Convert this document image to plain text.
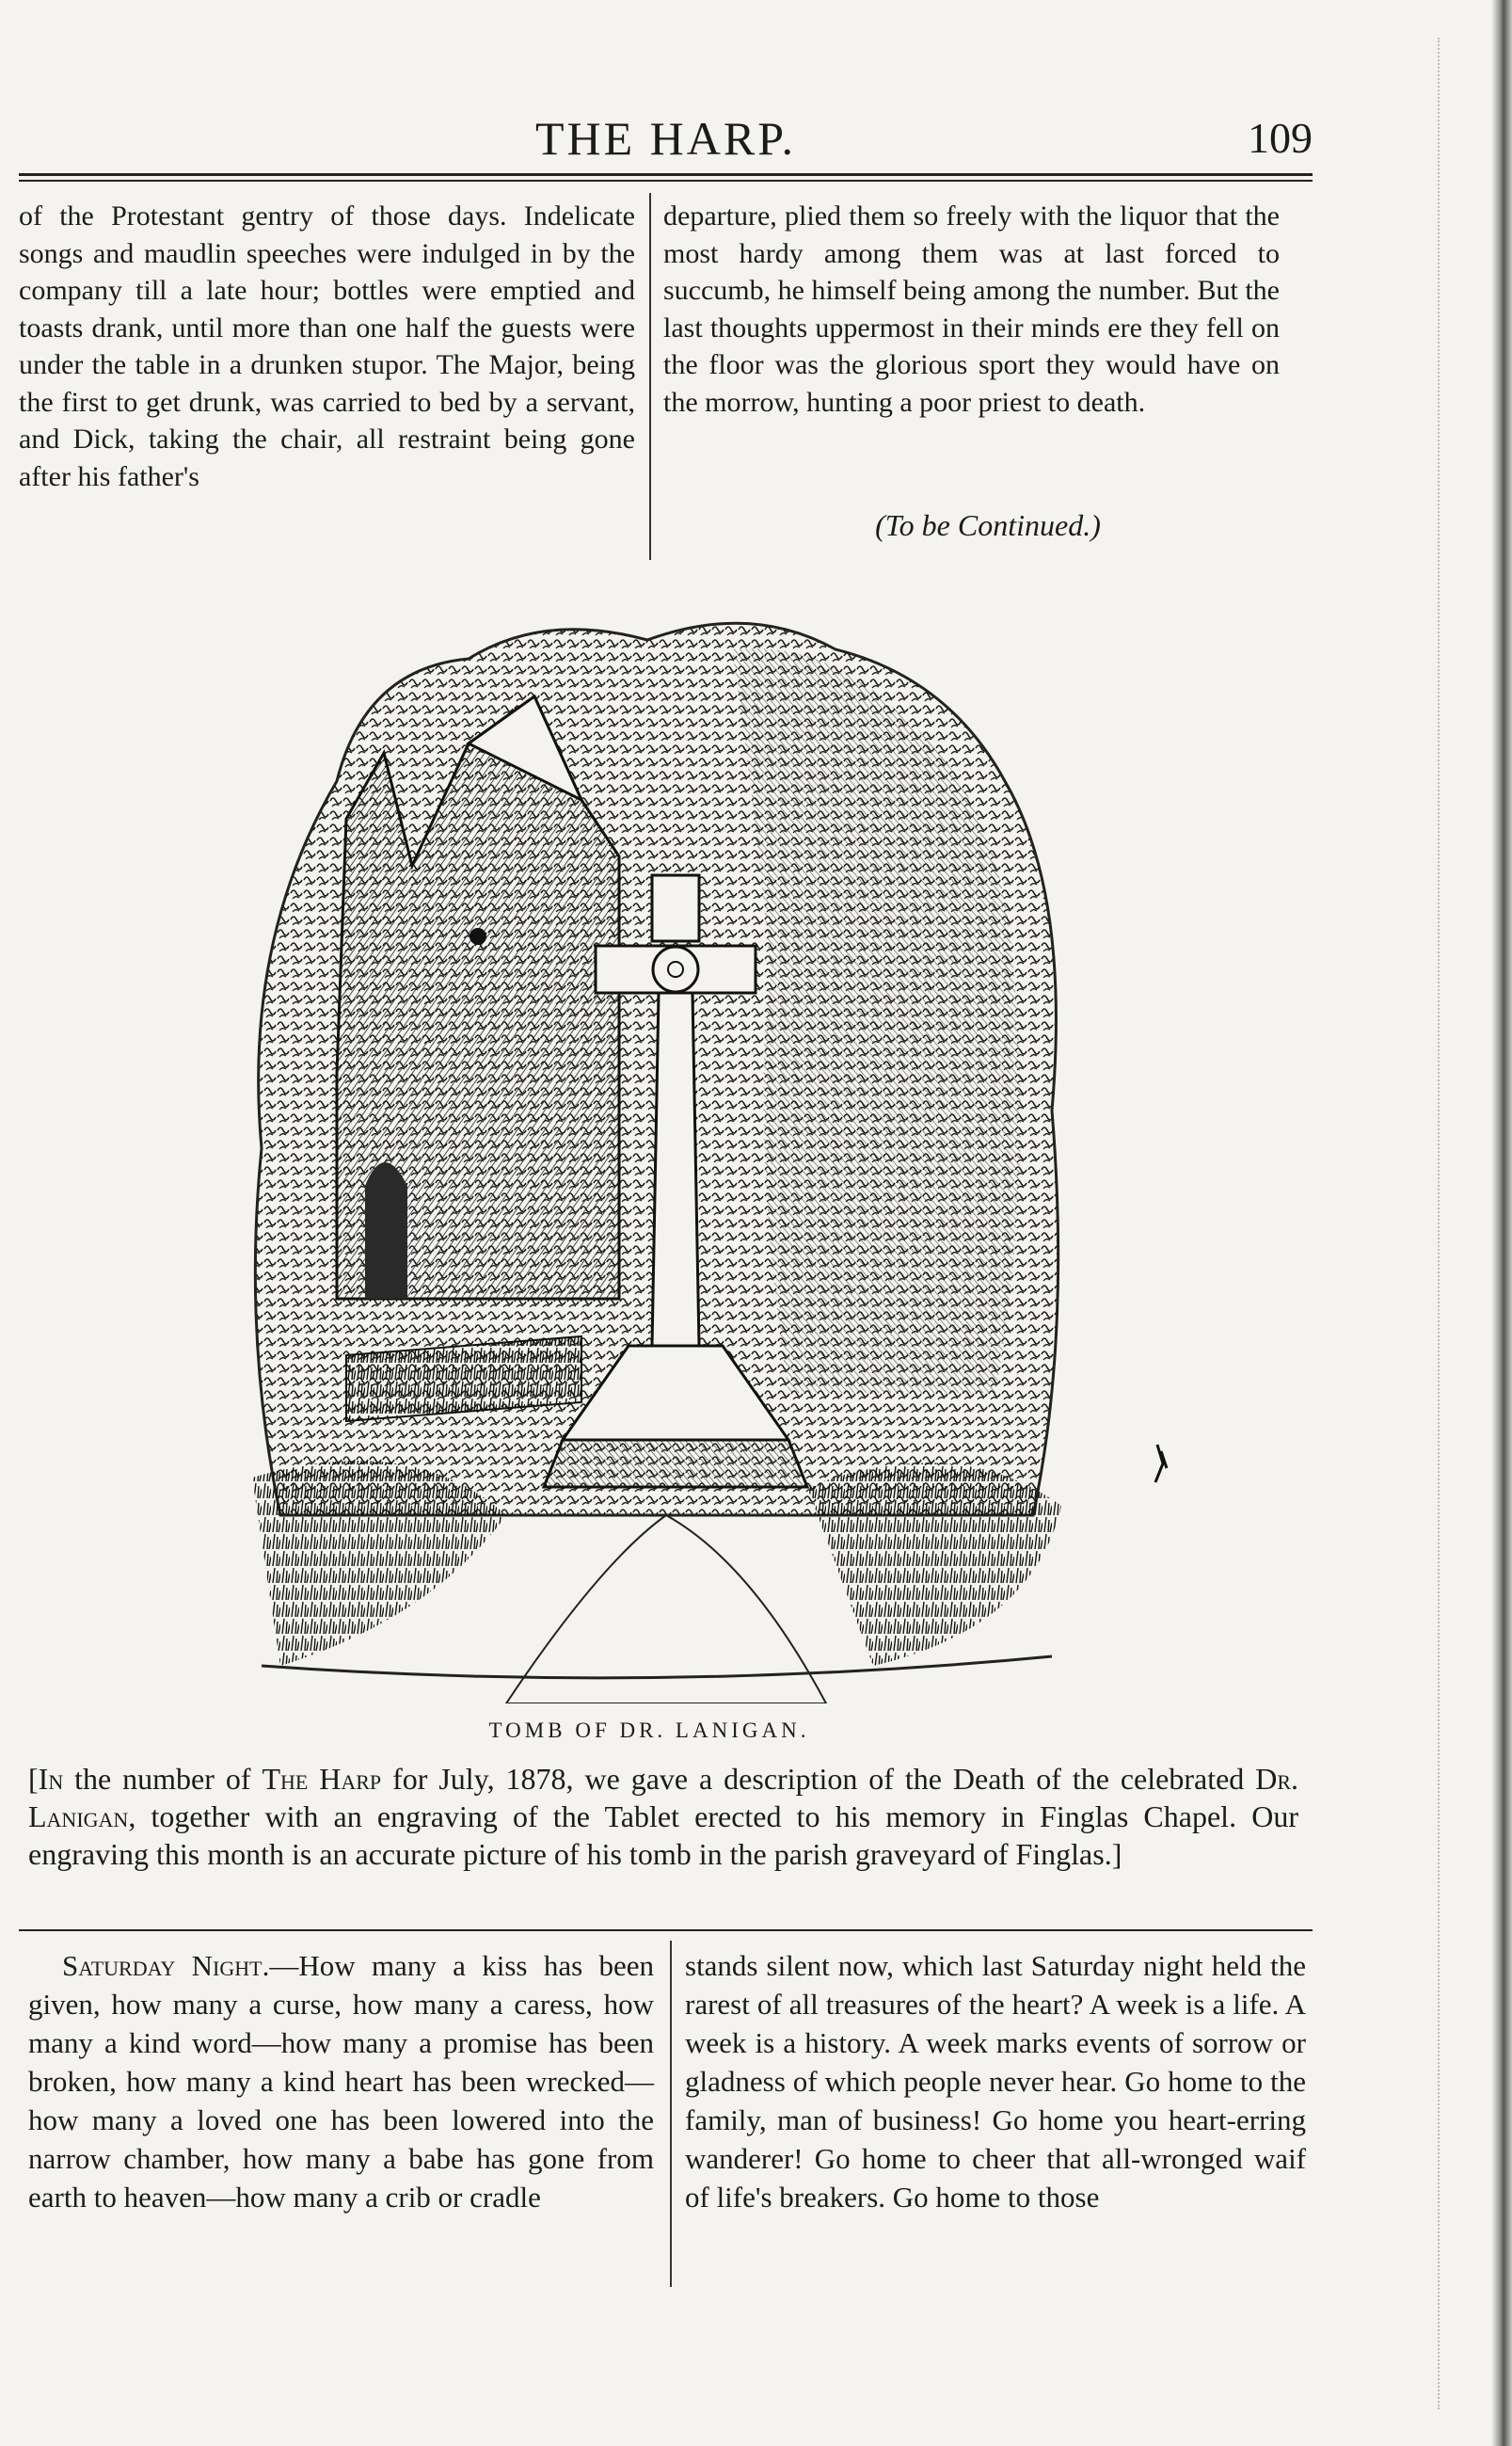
THE HARP.	109
of the Protestant gentry of those days. Indelicate songs and maudlin speeches were indulged in by the company till a late hour; bottles were emptied and toasts drank, until more than one half the guests were under the table in a drunken stupor. The Major, being the first to get drunk, was carried to bed by a servant, and Dick, taking the chair, all restraint being gone after his father's
departure, plied them so freely with the liquor that the most hardy among them was at last forced to succumb, he himself being among the number. But the last thoughts uppermost in their minds ere they fell on the floor was the glorious sport they would have on the morrow, hunting a poor priest to death.
(To be Continued.)
TOMB OF DR. LANIGAN.
[In the number of The Harp for July, 1878, we gave a description of the Death of the celebrated Dr. Lanigan, together with an engraving of the Tablet erected to his memory in Finglas Chapel. Our engraving this month is an accurate picture of his tomb in the parish graveyard of Finglas.]
Saturday Night.—How many a kiss has been given, how many a curse, how many a caress, how many a kind word—how many a promise has been broken, how many a kind heart has been wrecked—how many a loved one has been lowered into the narrow chamber, how many a babe has gone from earth to heaven—how many a crib or cradle
stands silent now, which last Saturday night held the rarest of all treasures of the heart? A week is a life. A week is a history. A week marks events of sorrow or gladness of which people never hear. Go home to the family, man of business! Go home you heart-erring wanderer! Go home to cheer that all-wronged waif of life's breakers. Go home to those
